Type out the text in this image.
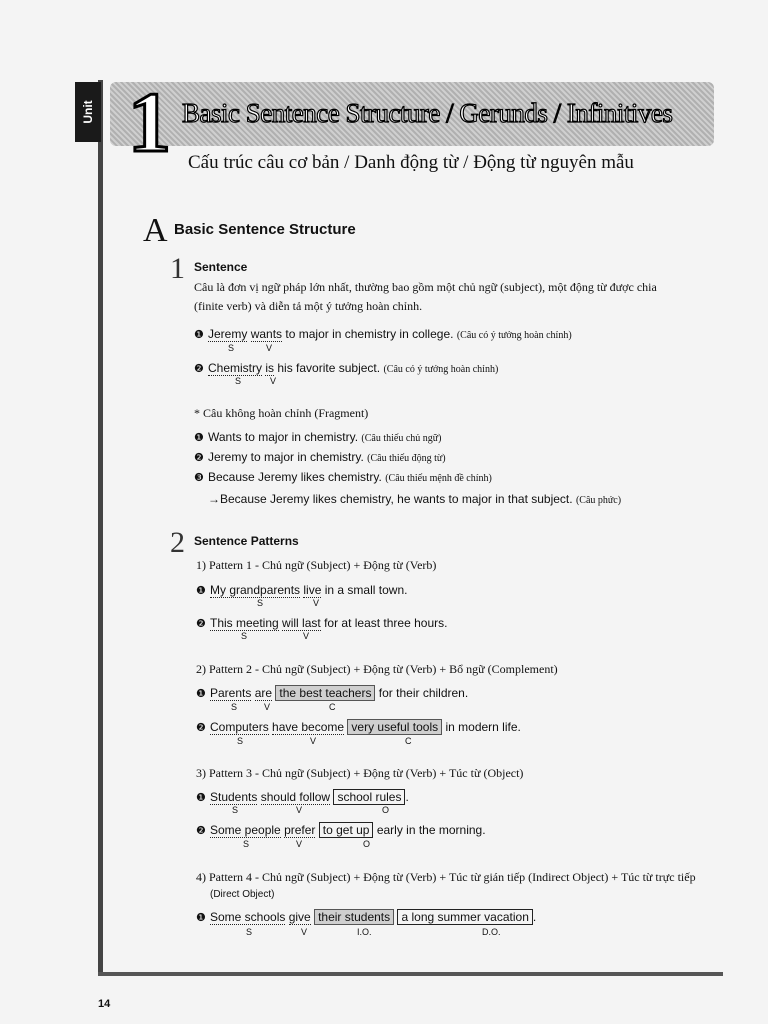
Unit 1 Basic Sentence Structure / Gerunds / Infinitives
Cấu trúc câu cơ bản / Danh động từ / Động từ nguyên mẫu
A Basic Sentence Structure
1 Sentence
Câu là đơn vị ngữ pháp lớn nhất, thường bao gồm một chủ ngữ (subject), một động từ được chia
(finite verb) và diễn tả một ý tưởng hoàn chỉnh.
❶ Jeremy wants to major in chemistry in college. (Câu có ý tưởng hoàn chỉnh)
S	V
❷ Chemistry is his favorite subject. (Câu có ý tưởng hoàn chỉnh)
S	V
* Câu không hoàn chỉnh (Fragment)
❶ Wants to major in chemistry. (Câu thiếu chủ ngữ)
❷ Jeremy to major in chemistry. (Câu thiếu động từ)
❸ Because Jeremy likes chemistry. (Câu thiếu mệnh đề chính)
→Because Jeremy likes chemistry, he wants to major in that subject. (Câu phức)
2 Sentence Patterns
1) Pattern 1 - Chủ ngữ (Subject) + Động từ (Verb)
❶ My grandparents live in a small town.
S	V
❷ This meeting will last for at least three hours.
S	V
2) Pattern 2 - Chủ ngữ (Subject) + Động từ (Verb) + Bổ ngữ (Complement)
❶ Parents are the best teachers for their children.
S	V	C
❷ Computers have become very useful tools in modern life.
S	V	C
3) Pattern 3 - Chủ ngữ (Subject) + Động từ (Verb) + Túc từ (Object)
❶ Students should follow school rules .
S	V	O
❷ Some people prefer to get up early in the morning.
S	V	O
4) Pattern 4 - Chủ ngữ (Subject) + Động từ (Verb) + Túc từ gián tiếp (Indirect Object) + Túc từ trực tiếp
(Direct Object)
❶ Some schools give their students a long summer vacation .
S	V	I.O.	D.O.
14
